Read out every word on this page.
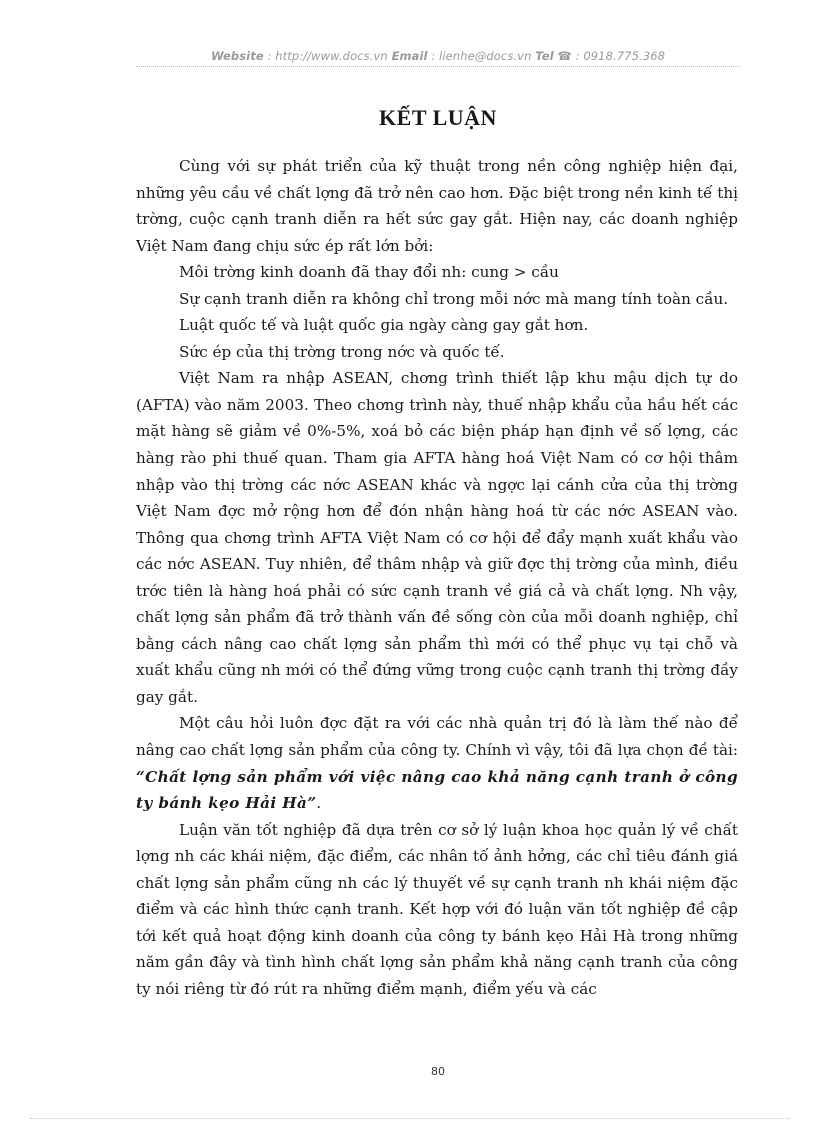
Website : http://www.docs.vn Email : lienhe@docs.vn Tel ☎ : 0918.775.368
KẾT LUẬN

Cùng với sự phát triển của kỹ thuật trong nền công nghiệp hiện đại, những yêu cầu về chất lợng đã trở nên cao hơn. Đặc biệt trong nền kinh tế thị trờng, cuộc cạnh tranh diễn ra hết sức gay gắt. Hiện nay, các doanh nghiệp Việt Nam đang chịu sức ép rất lớn bởi:

Môi trờng kinh doanh đã thay đổi nh: cung > cầu

Sự cạnh tranh diễn ra không chỉ trong mỗi nớc mà mang tính toàn cầu.

Luật quốc tế và luật quốc gia ngày càng gay gắt hơn.

Sức ép của thị trờng trong nớc và quốc tế.

Việt Nam ra nhập ASEAN, chơng trình thiết lập khu mậu dịch tự do (AFTA) vào năm 2003. Theo chơng trình này, thuế nhập khẩu của hầu hết các mặt hàng sẽ giảm về 0%-5%, xoá bỏ các biện pháp hạn định về số lợng, các hàng rào phi thuế quan. Tham gia AFTA hàng hoá Việt Nam có cơ hội thâm nhập vào thị trờng các nớc ASEAN khác và ngợc lại cánh cửa của thị trờng Việt Nam đợc mở rộng hơn để đón nhận hàng hoá từ các nớc ASEAN vào. Thông qua chơng trình AFTA Việt Nam có cơ hội để đẩy mạnh xuất khẩu vào các nớc ASEAN. Tuy nhiên, để thâm nhập và giữ đợc thị trờng của mình, điều trớc tiên là hàng hoá phải có sức cạnh tranh về giá cả và chất lợng. Nh vậy, chất lợng sản phẩm đã trở thành vấn đề sống còn của mỗi doanh nghiệp, chỉ bằng cách nâng cao chất lợng sản phẩm thì mới có thể phục vụ tại chỗ và xuất khẩu cũng nh mới có thể đứng vững trong cuộc cạnh tranh thị trờng đầy gay gắt.

Một câu hỏi luôn đợc đặt ra với các nhà quản trị đó là làm thế nào để nâng cao chất lợng sản phẩm của công ty. Chính vì vậy, tôi đã lựa chọn đề tài: “Chất lợng sản phẩm với việc nâng cao khả năng cạnh tranh ở công ty bánh kẹo Hải Hà”.

Luận văn tốt nghiệp đã dựa trên cơ sở lý luận khoa học quản lý về chất lợng nh các khái niệm, đặc điểm, các nhân tố ảnh hởng, các chỉ tiêu đánh giá chất lợng sản phẩm cũng nh các lý thuyết về sự cạnh tranh nh khái niệm đặc điểm và các hình thức cạnh tranh. Kết hợp với đó luận văn tốt nghiệp đề cập tới kết quả hoạt động kinh doanh của công ty bánh kẹo Hải Hà trong những năm gần đây và tình hình chất lợng sản phẩm khả năng cạnh tranh của công ty nói riêng từ đó rút ra những điểm mạnh, điểm yếu và các

80
